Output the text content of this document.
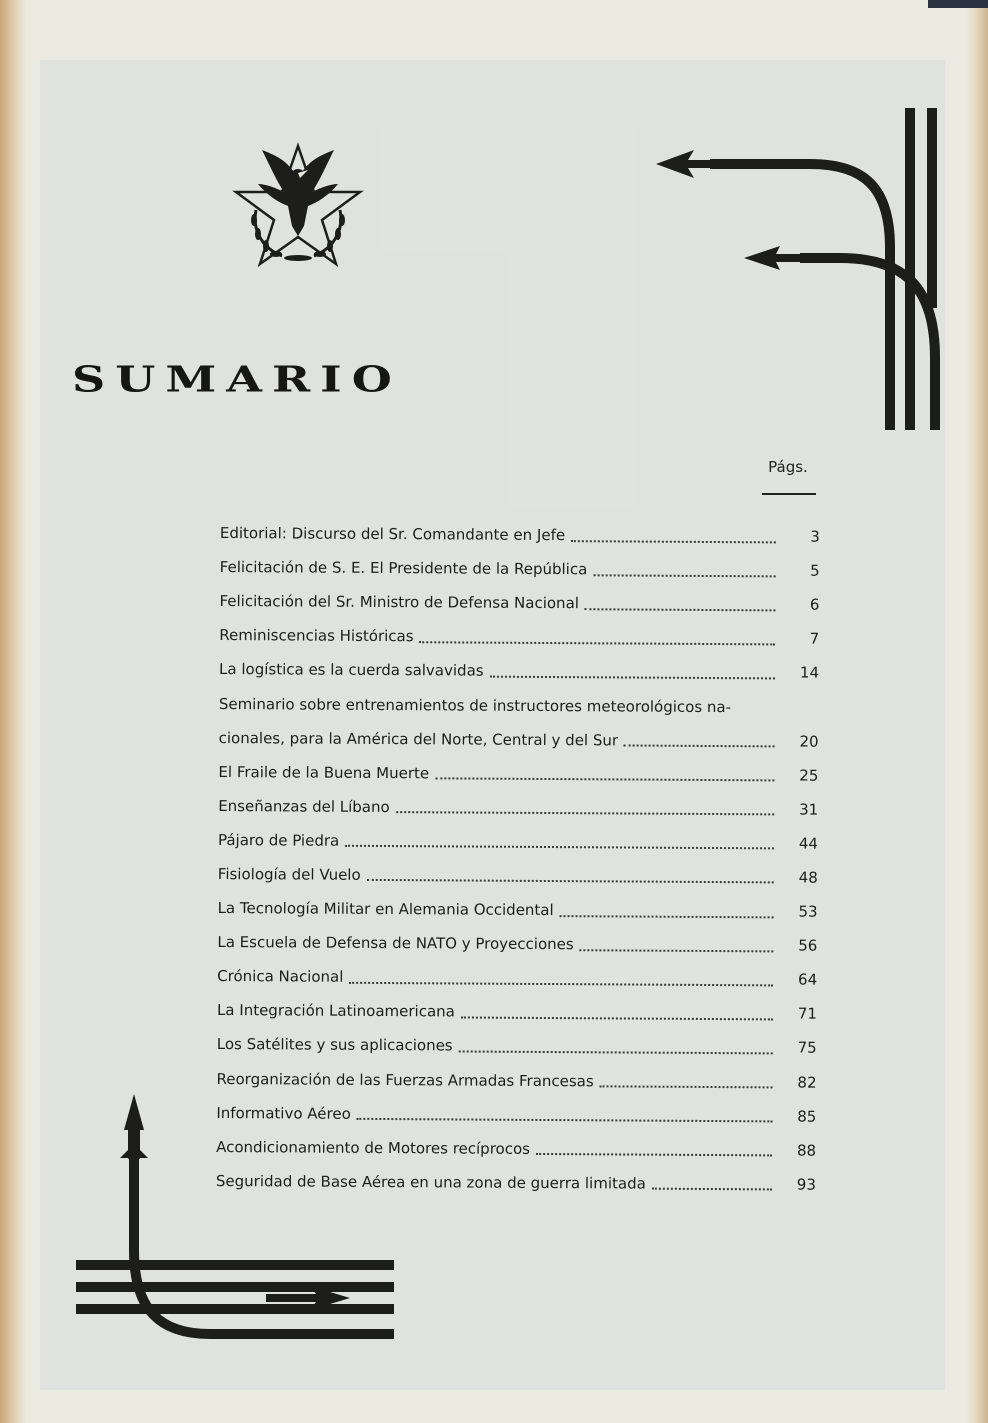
SUMARIO
Págs.
Editorial: Discurso del Sr. Comandante en Jefe	3
Felicitación de S. E. El Presidente de la República	5
Felicitación del Sr. Ministro de Defensa Nacional	6
Reminiscencias Históricas	7
La logística es la cuerda salvavidas	14
Seminario sobre entrenamientos de instructores meteorológicos na-
cionales, para la América del Norte, Central y del Sur	20
El Fraile de la Buena Muerte	25
Enseñanzas del Líbano	31
Pájaro de Piedra	44
Fisiología del Vuelo	48
La Tecnología Militar en Alemania Occidental	53
La Escuela de Defensa de NATO y Proyecciones	56
Crónica Nacional	64
La Integración Latinoamericana	71
Los Satélites y sus aplicaciones	75
Reorganización de las Fuerzas Armadas Francesas	82
Informativo Aéreo	85
Acondicionamiento de Motores recíprocos	88
Seguridad de Base Aérea en una zona de guerra limitada	93
